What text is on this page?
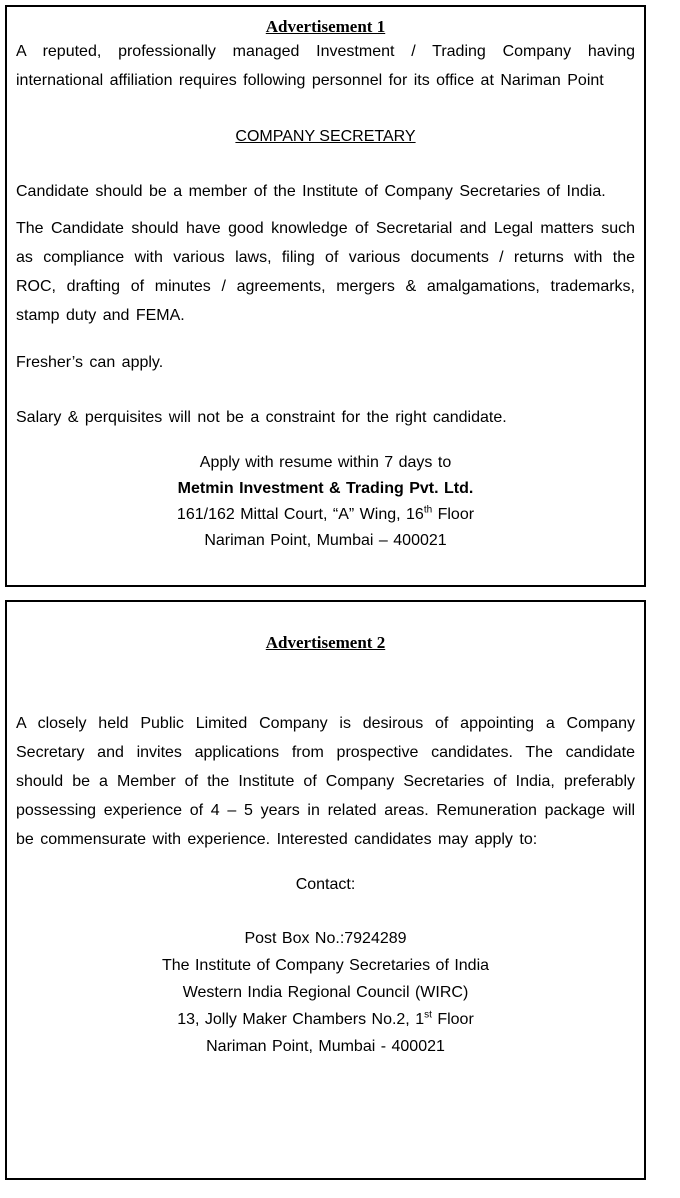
Advertisement 1

A reputed, professionally managed Investment / Trading Company having international affiliation requires following personnel for its office at Nariman Point

COMPANY SECRETARY

Candidate should be a member of the Institute of Company Secretaries of India.

The Candidate should have good knowledge of Secretarial and Legal matters such as compliance with various laws, filing of various documents / returns with the ROC, drafting of minutes / agreements, mergers & amalgamations, trademarks, stamp duty and FEMA.

Fresher’s can apply.

Salary & perquisites will not be a constraint for the right candidate.

Apply with resume within 7 days to
Metmin Investment & Trading Pvt. Ltd.
161/162 Mittal Court, “A” Wing, 16th Floor
Nariman Point, Mumbai – 400021
Advertisement 2

A closely held Public Limited Company is desirous of appointing a Company Secretary and invites applications from prospective candidates. The candidate should be a Member of the Institute of Company Secretaries of India, preferably possessing experience of 4 – 5 years in related areas. Remuneration package will be commensurate with experience. Interested candidates may apply to:

Contact:

Post Box No.:7924289
The Institute of Company Secretaries of India
Western India Regional Council (WIRC)
13, Jolly Maker Chambers No.2, 1st Floor
Nariman Point, Mumbai - 400021
